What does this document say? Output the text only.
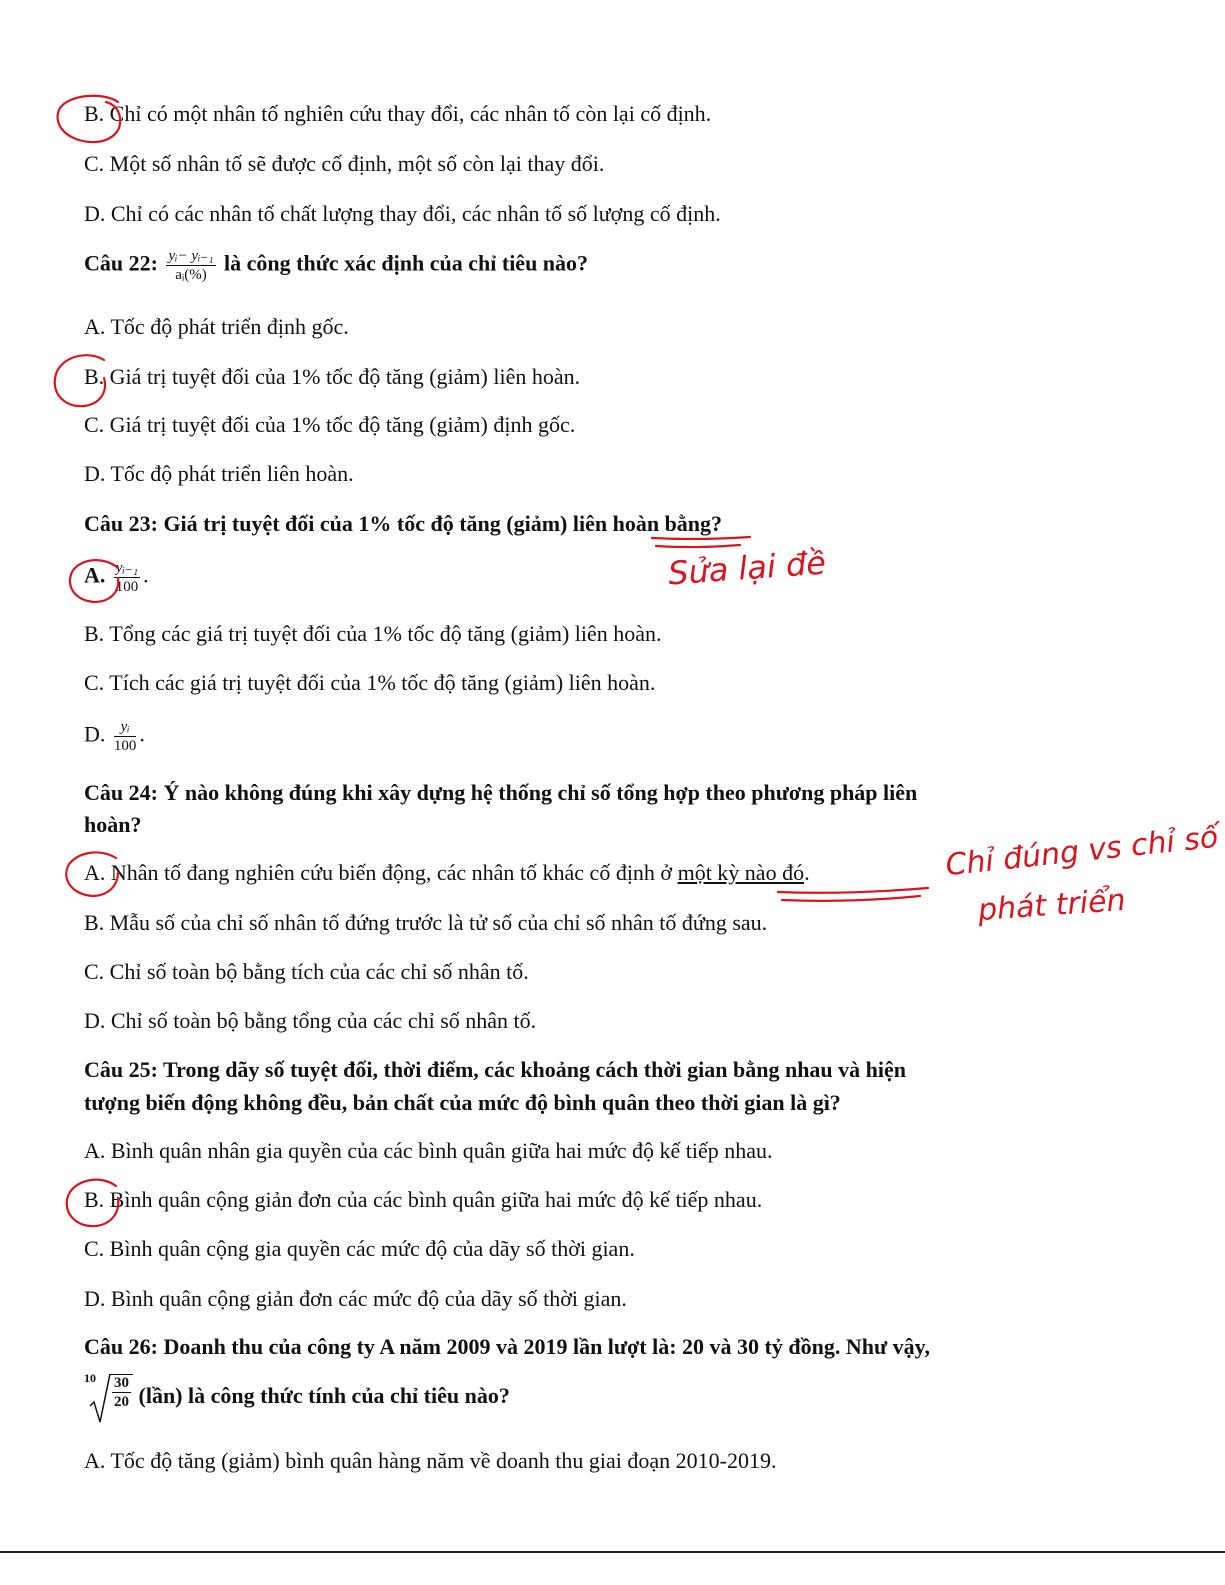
B. Chỉ có một nhân tố nghiên cứu thay đổi, các nhân tố còn lại cố định.
C. Một số nhân tố sẽ được cố định, một số còn lại thay đổi.
D. Chỉ có các nhân tố chất lượng thay đổi, các nhân tố số lượng cố định.
Câu 22: $\frac{\text{yᵢ− yᵢ₋₁}}{\text{aᵢ(\%)}}$ là công thức xác định của chỉ tiêu nào?
A. Tốc độ phát triển định gốc.
B. Giá trị tuyệt đối của 1% tốc độ tăng (giảm) liên hoàn.
C. Giá trị tuyệt đối của 1% tốc độ tăng (giảm) định gốc.
D. Tốc độ phát triển liên hoàn.
Câu 23: Giá trị tuyệt đối của 1% tốc độ tăng (giảm) liên hoàn bằng?
A. $\frac{\text{yᵢ₋₁}}{100}$ .
B. Tổng các giá trị tuyệt đối của 1% tốc độ tăng (giảm) liên hoàn.
C. Tích các giá trị tuyệt đối của 1% tốc độ tăng (giảm) liên hoàn.
D. $\frac{\text{yᵢ}}{100}$ .
Câu 24: Ý nào không đúng khi xây dựng hệ thống chỉ số tổng hợp theo phương pháp liên
hoàn?
A. Nhân tố đang nghiên cứu biến động, các nhân tố khác cố định ở một kỳ nào đó.
B. Mẫu số của chỉ số nhân tố đứng trước là tử số của chỉ số nhân tố đứng sau.
C. Chỉ số toàn bộ bằng tích của các chỉ số nhân tố.
D. Chỉ số toàn bộ bằng tổng của các chỉ số nhân tố.
Câu 25: Trong dãy số tuyệt đối, thời điểm, các khoảng cách thời gian bằng nhau và hiện
tượng biến động không đều, bản chất của mức độ bình quân theo thời gian là gì?
A. Bình quân nhân gia quyền của các bình quân giữa hai mức độ kế tiếp nhau.
B. Bình quân cộng giản đơn của các bình quân giữa hai mức độ kế tiếp nhau.
C. Bình quân cộng gia quyền các mức độ của dãy số thời gian.
D. Bình quân cộng giản đơn các mức độ của dãy số thời gian.
Câu 26: Doanh thu của công ty A năm 2009 và 2019 lần lượt là: 20 và 30 tỷ đồng. Như vậy,
$10 \frac{30}{20}$ (lần) là công thức tính của chỉ tiêu nào?
A. Tốc độ tăng (giảm) bình quân hàng năm về doanh thu giai đoạn 2010-2019.
Sửa lại đề
Chỉ đúng vs chỉ số
phát triển
